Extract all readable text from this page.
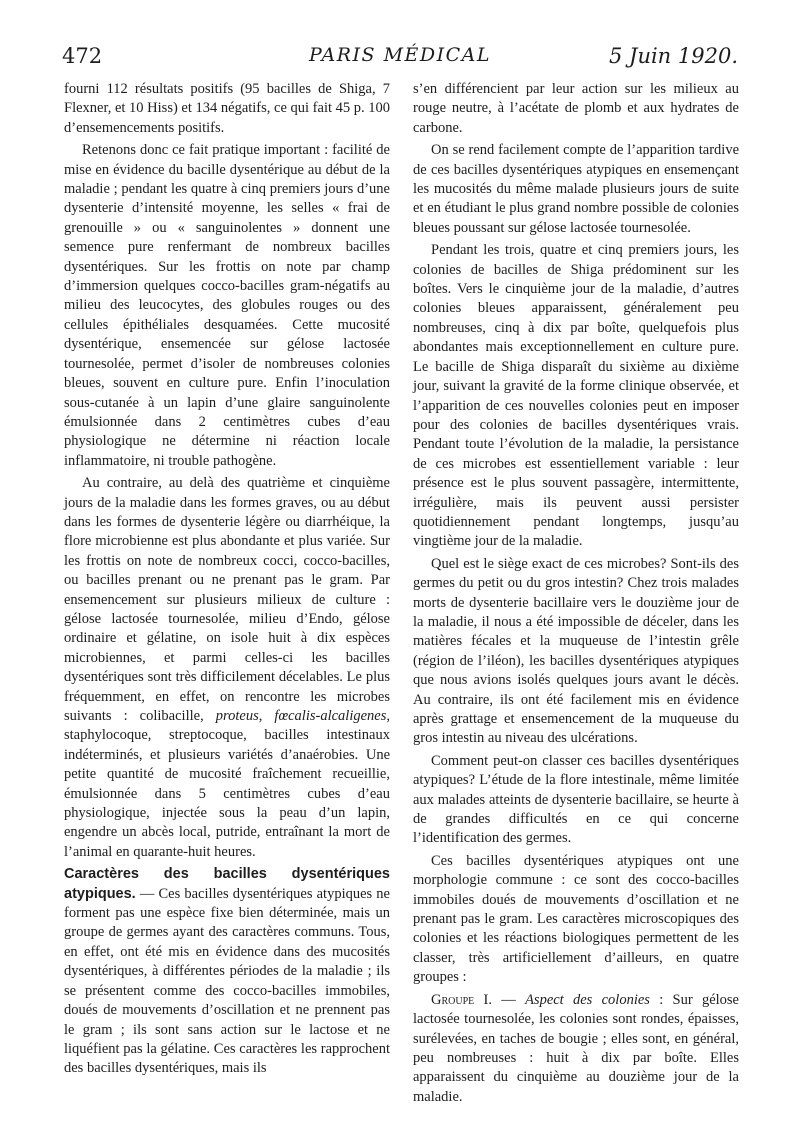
472	PARIS MÉDICAL	5 Juin 1920.

fourni 112 résultats positifs (95 bacilles de Shiga, 7 Flexner, et 10 Hiss) et 134 négatifs, ce qui fait 45 p. 100 d’ensemencements positifs.

Retenons donc ce fait pratique important : facilité de mise en évidence du bacille dysentérique au début de la maladie ; pendant les quatre à cinq premiers jours d’une dysenterie d’intensité moyenne, les selles « frai de grenouille » ou « sanguinolentes » donnent une semence pure renfermant de nombreux bacilles dysentériques. Sur les frottis on note par champ d’immersion quelques cocco-bacilles gram-négatifs au milieu des leucocytes, des globules rouges ou des cellules épithéliales desquamées. Cette mucosité dysentérique, ensemencée sur gélose lactosée tournesolée, permet d’isoler de nombreuses colonies bleues, souvent en culture pure. Enfin l’inoculation sous-cutanée à un lapin d’une glaire sanguinolente émulsionnée dans 2 centimètres cubes d’eau physiologique ne détermine ni réaction locale inflammatoire, ni trouble pathogène.

Au contraire, au delà des quatrième et cinquième jours de la maladie dans les formes graves, ou au début dans les formes de dysenterie légère ou diarrhéique, la flore microbienne est plus abondante et plus variée. Sur les frottis on note de nombreux cocci, cocco-bacilles, ou bacilles prenant ou ne prenant pas le gram. Par ensemencement sur plusieurs milieux de culture : gélose lactosée tournesolée, milieu d’Endo, gélose ordinaire et gélatine, on isole huit à dix espèces microbiennes, et parmi celles-ci les bacilles dysentériques sont très difficilement décelables. Le plus fréquemment, en effet, on rencontre les microbes suivants : colibacille, proteus, fœcalis-alcaligenes, staphylocoque, streptocoque, bacilles intestinaux indéterminés, et plusieurs variétés d’anaérobies. Une petite quantité de mucosité fraîchement recueillie, émulsionnée dans 5 centimètres cubes d’eau physiologique, injectée sous la peau d’un lapin, engendre un abcès local, putride, entraînant la mort de l’animal en quarante-huit heures.

Caractères des bacilles dysentériques atypiques. — Ces bacilles dysentériques atypiques ne forment pas une espèce fixe bien déterminée, mais un groupe de germes ayant des caractères communs. Tous, en effet, ont été mis en évidence dans des mucosités dysentériques, à différentes périodes de la maladie ; ils se présentent comme des cocco-bacilles immobiles, doués de mouvements d’oscillation et ne prennent pas le gram ; ils sont sans action sur le lactose et ne liquéfient pas la gélatine. Ces caractères les rapprochent des bacilles dysentériques, mais ils

s’en différencient par leur action sur les milieux au rouge neutre, à l’acétate de plomb et aux hydrates de carbone.

On se rend facilement compte de l’apparition tardive de ces bacilles dysentériques atypiques en ensemençant les mucosités du même malade plusieurs jours de suite et en étudiant le plus grand nombre possible de colonies bleues poussant sur gélose lactosée tournesolée.

Pendant les trois, quatre et cinq premiers jours, les colonies de bacilles de Shiga prédominent sur les boîtes. Vers le cinquième jour de la maladie, d’autres colonies bleues apparaissent, généralement peu nombreuses, cinq à dix par boîte, quelquefois plus abondantes mais exceptionnellement en culture pure. Le bacille de Shiga disparaît du sixième au dixième jour, suivant la gravité de la forme clinique observée, et l’apparition de ces nouvelles colonies peut en imposer pour des colonies de bacilles dysentériques vrais. Pendant toute l’évolution de la maladie, la persistance de ces microbes est essentiellement variable : leur présence est le plus souvent passagère, intermittente, irrégulière, mais ils peuvent aussi persister quotidiennement pendant longtemps, jusqu’au vingtième jour de la maladie.

Quel est le siège exact de ces microbes? Sont-ils des germes du petit ou du gros intestin? Chez trois malades morts de dysenterie bacillaire vers le douzième jour de la maladie, il nous a été impossible de déceler, dans les matières fécales et la muqueuse de l’intestin grêle (région de l’iléon), les bacilles dysentériques atypiques que nous avions isolés quelques jours avant le décès. Au contraire, ils ont été facilement mis en évidence après grattage et ensemencement de la muqueuse du gros intestin au niveau des ulcérations.

Comment peut-on classer ces bacilles dysentériques atypiques? L’étude de la flore intestinale, même limitée aux malades atteints de dysenterie bacillaire, se heurte à de grandes difficultés en ce qui concerne l’identification des germes.

Ces bacilles dysentériques atypiques ont une morphologie commune : ce sont des cocco-bacilles immobiles doués de mouvements d’oscillation et ne prenant pas le gram. Les caractères microscopiques des colonies et les réactions biologiques permettent de les classer, très artificiellement d’ailleurs, en quatre groupes :

Groupe I. — Aspect des colonies : Sur gélose lactosée tournesolée, les colonies sont rondes, épaisses, surélevées, en taches de bougie ; elles sont, en général, peu nombreuses : huit à dix par boîte. Elles apparaissent du cinquième au douzième jour de la maladie.
